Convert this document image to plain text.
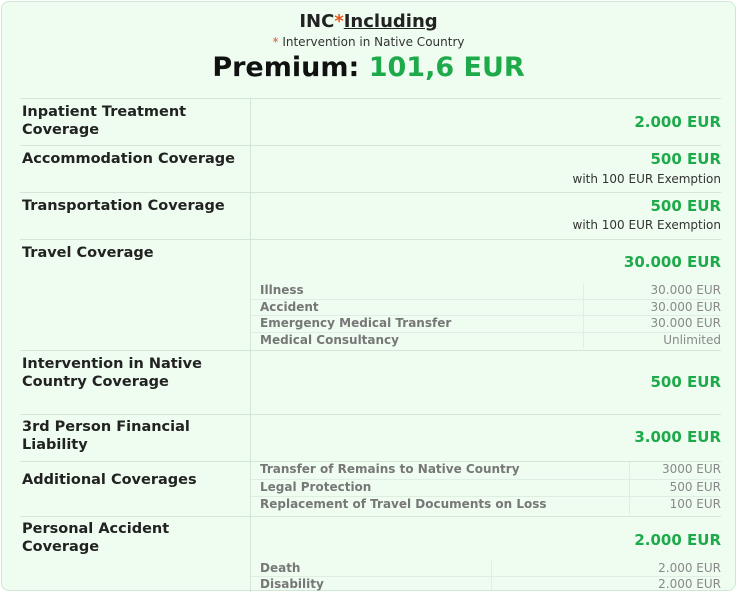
INC*Including
* Intervention in Native Country
Premium: 101,6 EUR
Inpatient Treatment Coverage	2.000 EUR
Accommodation Coverage	500 EUR
with 100 EUR Exemption
Transportation Coverage	500 EUR
with 100 EUR Exemption
Travel Coverage	30.000 EUR
Illness	30.000 EUR
Accident	30.000 EUR
Emergency Medical Transfer	30.000 EUR
Medical Consultancy	Unlimited
Intervention in Native Country Coverage	500 EUR
3rd Person Financial Liability	3.000 EUR
Additional Coverages
Transfer of Remains to Native Country	3000 EUR
Legal Protection	500 EUR
Replacement of Travel Documents on Loss	100 EUR
Personal Accident Coverage	2.000 EUR
Death	2.000 EUR
Disability	2.000 EUR
